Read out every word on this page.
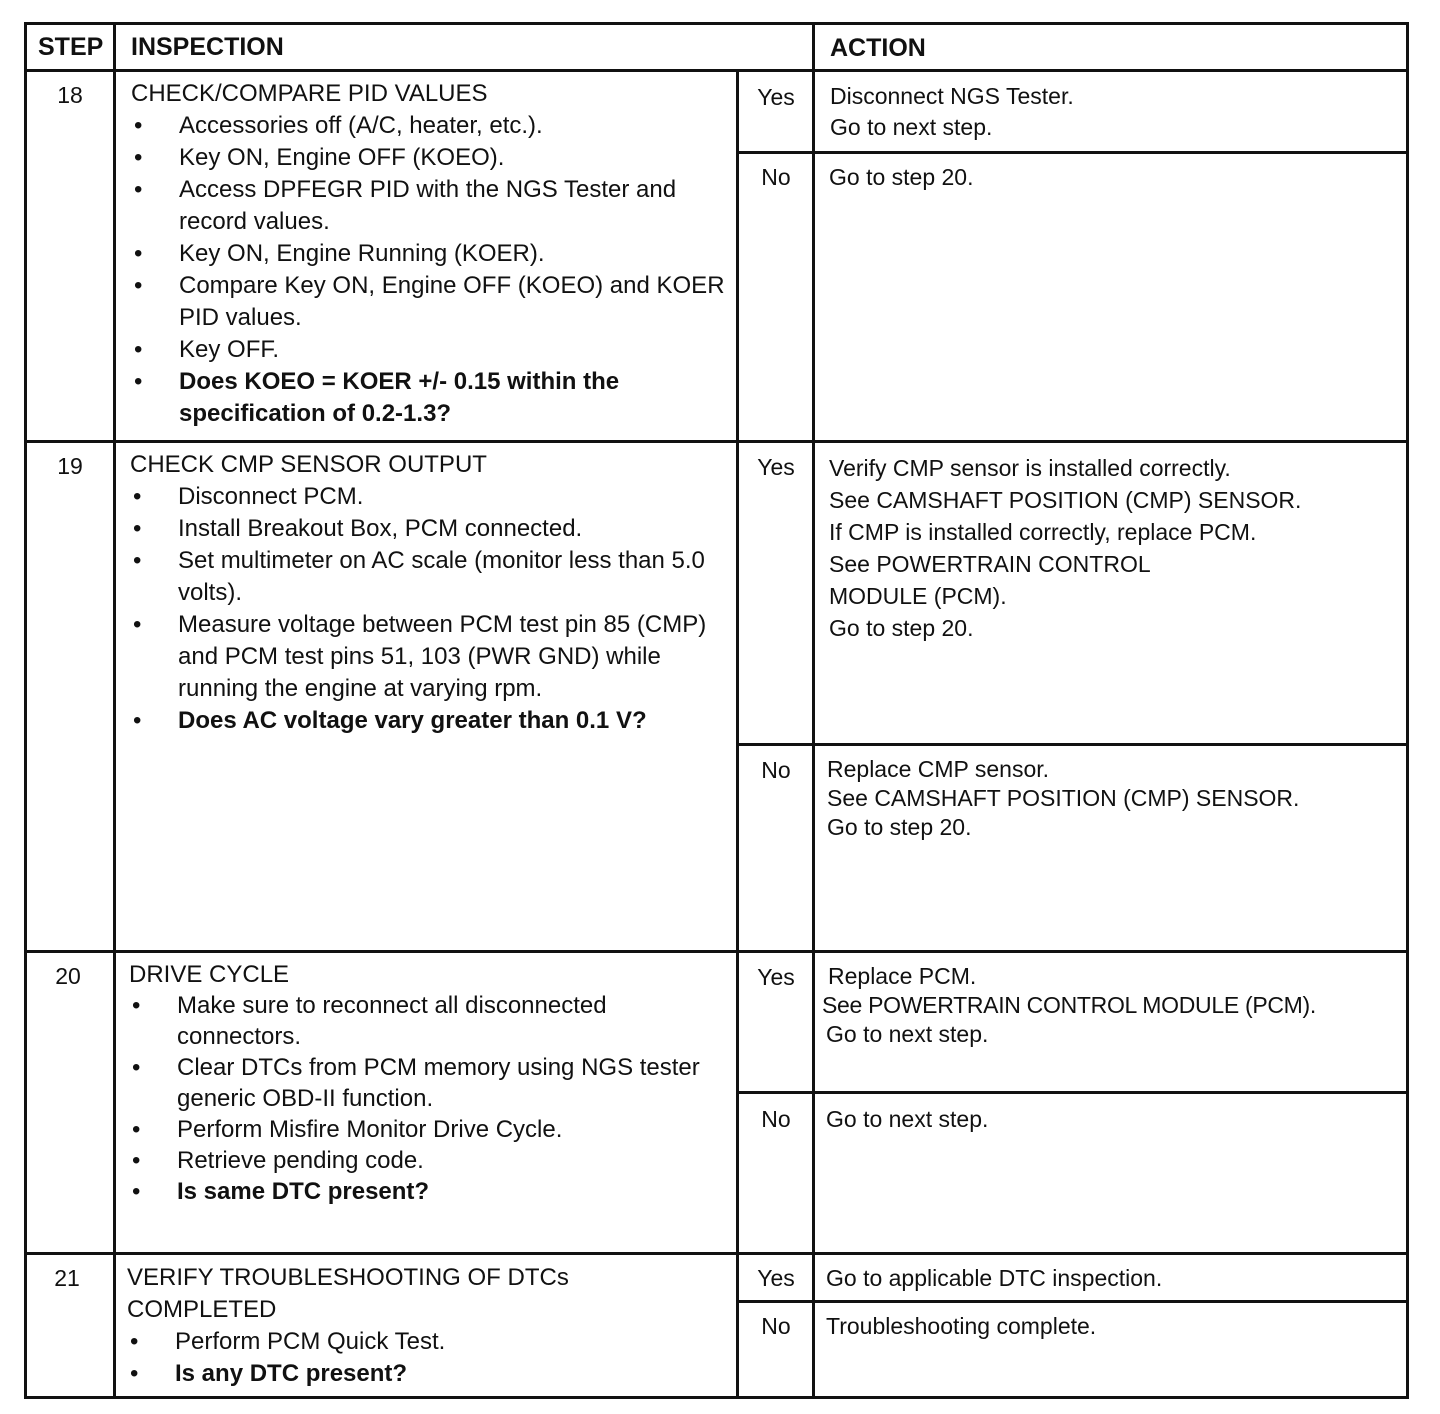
STEP INSPECTION	ACTION
18	CHECK/COMPARE PID VALUES
• Accessories off (A/C, heater, etc.).
• Key ON, Engine OFF (KOEO).
• Access DPFEGR PID with the NGS Tester and record values.
• Key ON, Engine Running (KOER).
• Compare Key ON, Engine OFF (KOEO) and KOER PID values.
• Key OFF.
• Does KOEO = KOER +/- 0.15 within the specification of 0.2-1.3?
Yes	Disconnect NGS Tester.
Go to next step.
No	Go to step 20.
19	CHECK CMP SENSOR OUTPUT
• Disconnect PCM.
• Install Breakout Box, PCM connected.
• Set multimeter on AC scale (monitor less than 5.0 volts).
• Measure voltage between PCM test pin 85 (CMP) and PCM test pins 51, 103 (PWR GND) while running the engine at varying rpm.
• Does AC voltage vary greater than 0.1 V?
Yes	Verify CMP sensor is installed correctly.
See CAMSHAFT POSITION (CMP) SENSOR.
If CMP is installed correctly, replace PCM.
See POWERTRAIN CONTROL
MODULE (PCM).
Go to step 20.
No	Replace CMP sensor.
See CAMSHAFT POSITION (CMP) SENSOR.
Go to step 20.
20	DRIVE CYCLE
• Make sure to reconnect all disconnected connectors.
• Clear DTCs from PCM memory using NGS tester generic OBD-II function.
• Perform Misfire Monitor Drive Cycle.
• Retrieve pending code.
• Is same DTC present?
Yes	Replace PCM.
See POWERTRAIN CONTROL MODULE (PCM).
Go to next step.
No	Go to next step.
21	VERIFY TROUBLESHOOTING OF DTCs COMPLETED
• Perform PCM Quick Test.
• Is any DTC present?
Yes	Go to applicable DTC inspection.
No	Troubleshooting complete.
